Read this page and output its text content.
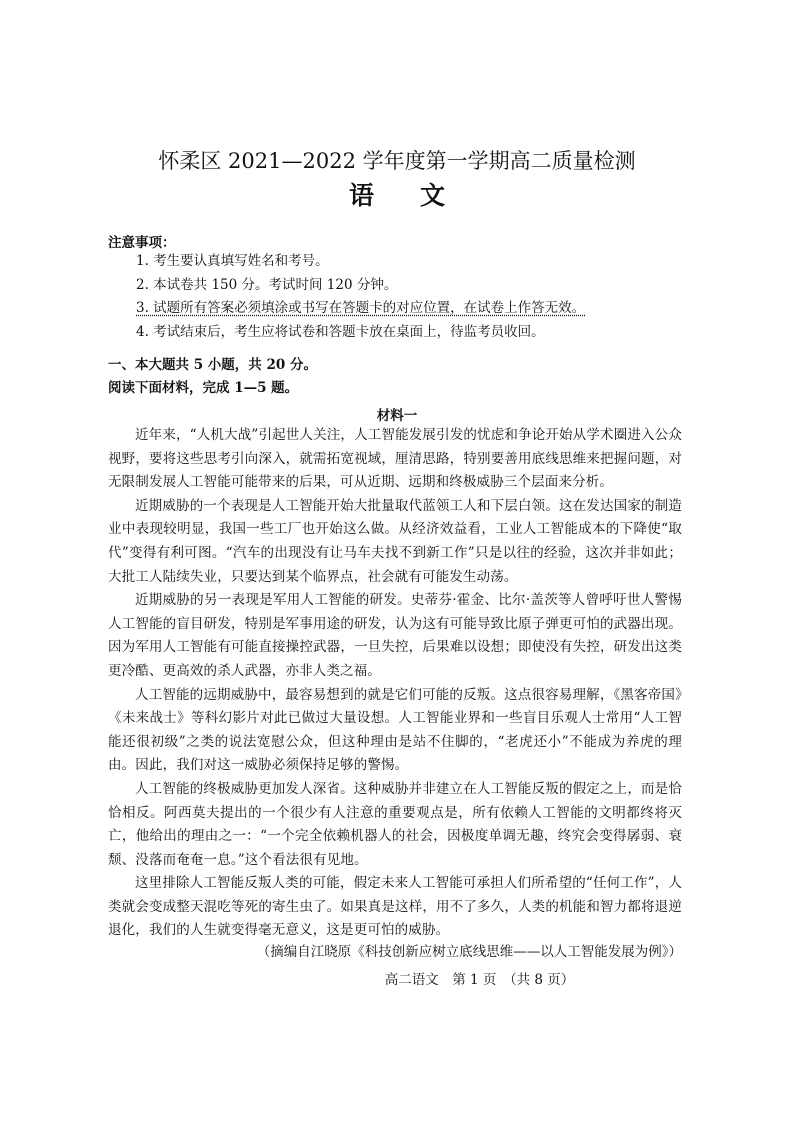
怀柔区 2021—2022 学年度第一学期高二质量检测
语文
注意事项：
1. 考生要认真填写姓名和考号。
2. 本试卷共 150 分。考试时间 120 分钟。
3. 试题所有答案必须填涂或书写在答题卡的对应位置，在试卷上作答无效。
4. 考试结束后，考生应将试卷和答题卡放在桌面上，待监考员收回。
一、本大题共 5 小题，共 20 分。
阅读下面材料，完成 1—5 题。
材料一

近年来，“人机大战”引起世人关注，人工智能发展引发的忧虑和争论开始从学术圈进入公众视野，要将这些思考引向深入，就需拓宽视域，厘清思路，特别要善用底线思维来把握问题，对无限制发展人工智能可能带来的后果，可从近期、远期和终极威胁三个层面来分析。

近期威胁的一个表现是人工智能开始大批量取代蓝领工人和下层白领。这在发达国家的制造业中表现较明显，我国一些工厂也开始这么做。从经济效益看，工业人工智能成本的下降使“取代”变得有利可图。“汽车的出现没有让马车夫找不到新工作”只是以往的经验，这次并非如此；大批工人陆续失业，只要达到某个临界点，社会就有可能发生动荡。

近期威胁的另一表现是军用人工智能的研发。史蒂芬·霍金、比尔·盖茨等人曾呼吁世人警惕人工智能的盲目研发，特别是军事用途的研发，认为这有可能导致比原子弹更可怕的武器出现。因为军用人工智能有可能直接操控武器，一旦失控，后果难以设想；即使没有失控，研发出这类更冷酷、更高效的杀人武器，亦非人类之福。

人工智能的远期威胁中，最容易想到的就是它们可能的反叛。这点很容易理解，《黑客帝国》《未来战士》等科幻影片对此已做过大量设想。人工智能业界和一些盲目乐观人士常用“人工智能还很初级”之类的说法宽慰公众，但这种理由是站不住脚的，“老虎还小”不能成为养虎的理由。因此，我们对这一威胁必须保持足够的警惕。

人工智能的终极威胁更加发人深省。这种威胁并非建立在人工智能反叛的假定之上，而是恰恰相反。阿西莫夫提出的一个很少有人注意的重要观点是，所有依赖人工智能的文明都终将灭亡，他给出的理由之一：“一个完全依赖机器人的社会，因极度单调无趣，终究会变得孱弱、衰颓、没落而奄奄一息。”这个看法很有见地。

这里排除人工智能反叛人类的可能，假定未来人工智能可承担人们所希望的“任何工作”，人类就会变成整天混吃等死的寄生虫了。如果真是这样，用不了多久，人类的机能和智力都将退逆退化，我们的人生就变得毫无意义，这是更可怕的威胁。

（摘编自江晓原《科技创新应树立底线思维——以人工智能发展为例》）
高二语文　第 1 页　（共 8 页）
